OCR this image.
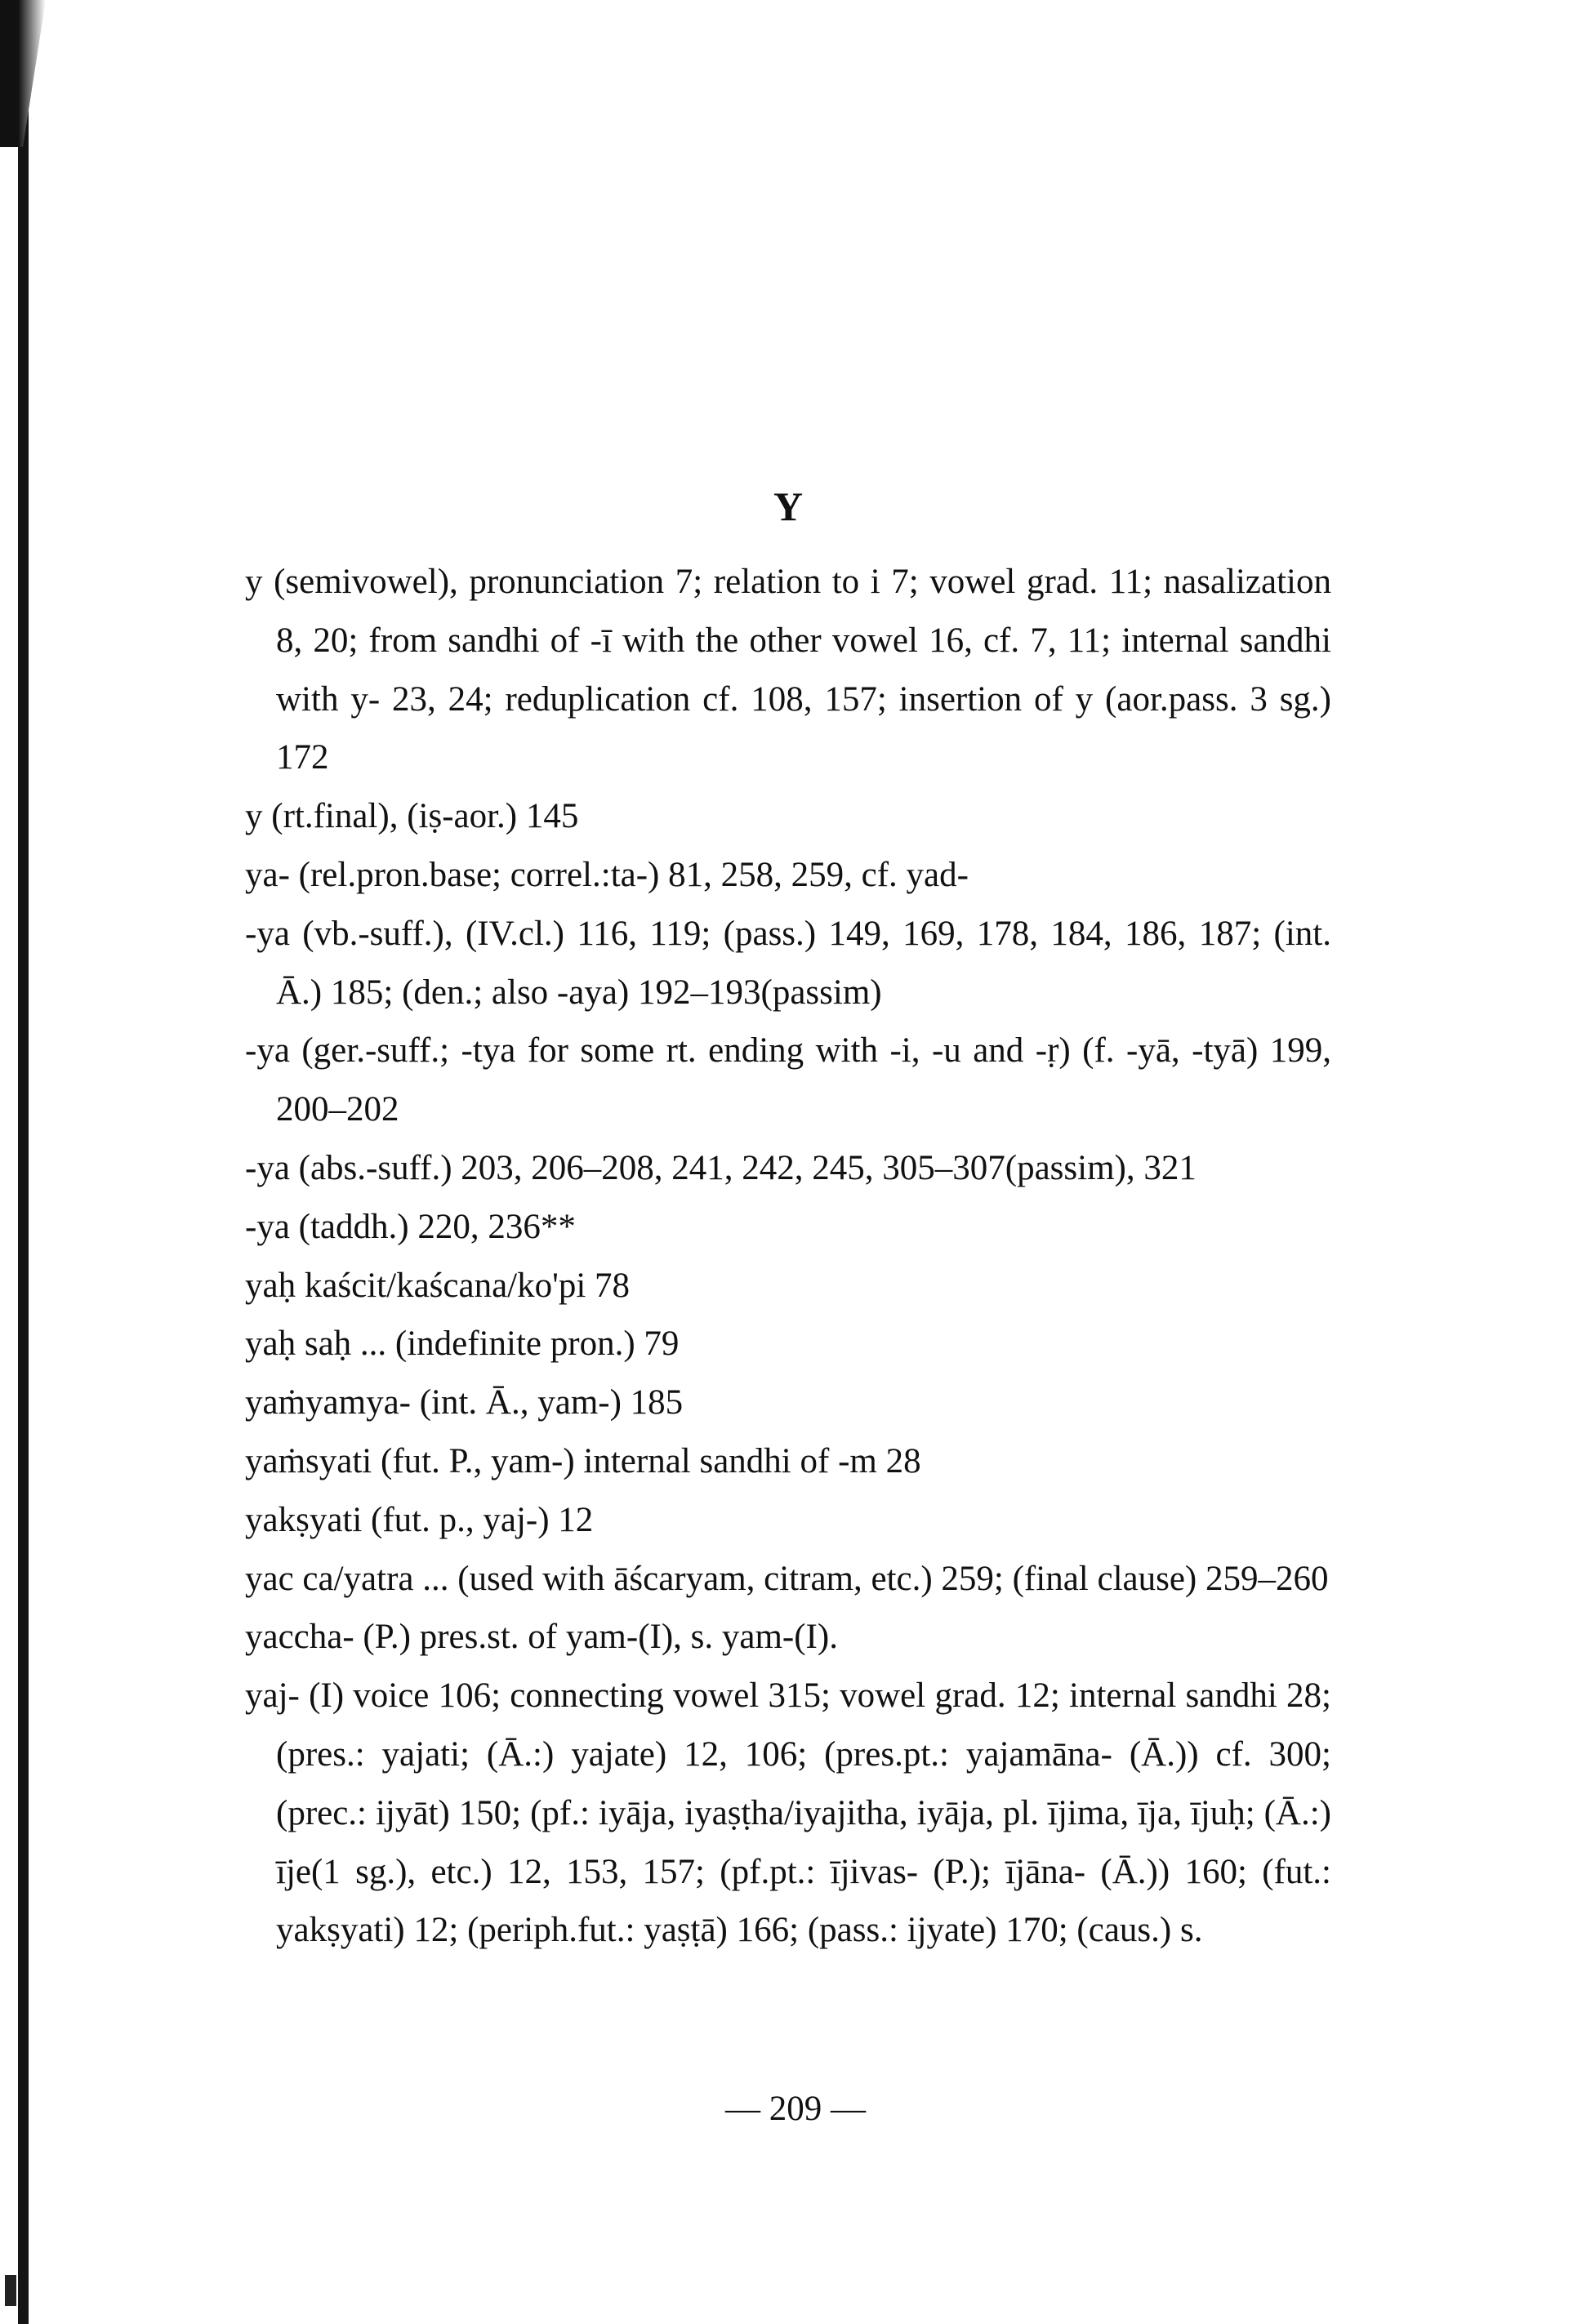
Y

y (semivowel), pronunciation 7; relation to i 7; vowel grad. 11; nasalization 8, 20; from sandhi of -ī with the other vowel 16, cf. 7, 11; internal sandhi with y- 23, 24; reduplication cf. 108, 157; insertion of y (aor.pass. 3 sg.) 172

y (rt.final), (iṣ-aor.) 145

ya- (rel.pron.base; correl.:ta-) 81, 258, 259, cf. yad-

-ya (vb.-suff.), (IV.cl.) 116, 119; (pass.) 149, 169, 178, 184, 186, 187; (int. Ā.) 185; (den.; also -aya) 192–193(passim)

-ya (ger.-suff.; -tya for some rt. ending with -i, -u and -ṛ) (f. -yā, -tyā) 199, 200–202

-ya (abs.-suff.) 203, 206–208, 241, 242, 245, 305–307(passim), 321

-ya (taddh.) 220, 236**

yaḥ kaścit/kaścana/ko'pi 78

yaḥ saḥ ... (indefinite pron.) 79

yaṁyamya- (int. Ā., yam-) 185

yaṁsyati (fut. P., yam-) internal sandhi of -m 28

yakṣyati (fut. p., yaj-) 12

yac ca/yatra ... (used with āścaryam, citram, etc.) 259; (final clause) 259–260

yaccha- (P.) pres.st. of yam-(I), s. yam-(I).

yaj- (I) voice 106; connecting vowel 315; vowel grad. 12; internal sandhi 28; (pres.: yajati; (Ā.:) yajate) 12, 106; (pres.pt.: yajamāna- (Ā.)) cf. 300; (prec.: ijyāt) 150; (pf.: iyāja, iyaṣṭha/iyajitha, iyāja, pl. ījima, īja, ījuḥ; (Ā.:) īje(1 sg.), etc.) 12, 153, 157; (pf.pt.: ījivas- (P.); ījāna- (Ā.)) 160; (fut.: yakṣyati) 12; (periph.fut.: yaṣṭā) 166; (pass.: ijyate) 170; (caus.) s.

— 209 —
